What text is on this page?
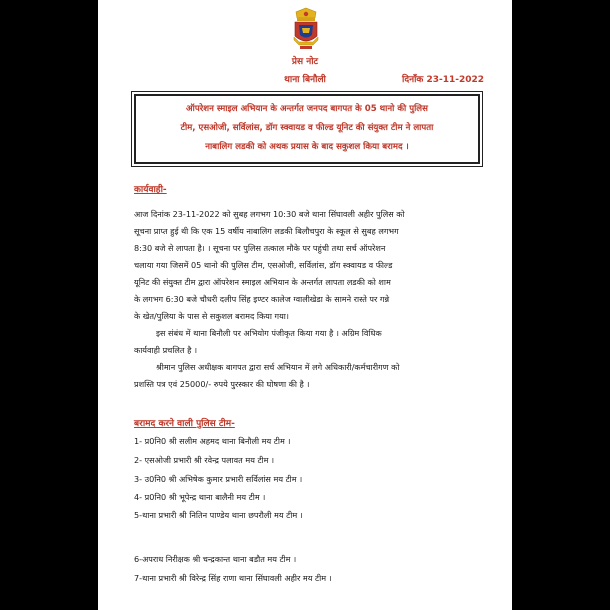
प्रेस नोट
थाना बिनौली	दिनाँक 23-11-2022
ऑपरेशन स्माइल अभियान के अन्तर्गत जनपद बागपत के 05 थानो की पुलिस
टीम, एसओजी, सर्विलांस, डॉग स्क्वायड व फील्ड यूनिट की संयुक्त टीम ने लापता
नाबालिग लडकी को अथक प्रयास के बाद सकुशल किया बरामद ।
कार्यवाही-
आज दिनांक 23-11-2022 को सुबह लगभग 10:30 बजे थाना सिंघावली अहीर पुलिस को
सूचना प्राप्त हुई थी कि एक 15 वर्षीय नाबालिग लडकी बिलौचपुरा के स्कूल से सुबह लगभग
8:30 बजे से लापता है। । सूचना पर पुलिस तत्काल मौके पर पहुंची तथा सर्च ऑपरेशन
चलाया गया जिसमें 05 थानो की पुलिस टीम, एसओजी, सर्विलांस, डॉग स्क्वायड व फील्ड
यूनिट की संयुक्त टीम द्वारा ऑपरेशन स्माइल अभियान के अन्तर्गत लापता लडकी को शाम
के लगभग 6:30 बजे चौधरी दलीप सिंह इण्टर कालेज ग्वालीखेडा के सामने रास्ते पर गन्ने
के खेत/पुलिया के पास से सकुशल बरामद किया गया।
इस संबंध में थाना बिनौली पर अभियोग पंजीकृत किया गया है । अग्रिम विधिक
कार्यवाही प्रचलित है ।
श्रीमान पुलिस अधीक्षक बागपत द्वारा सर्च अभियान में लगे अधिकारी/कर्मचारीगण को
प्रशस्ति पत्र एवं 25000/- रुपये पुरस्कार की घोषणा की है ।
बरामद करने वाली पुलिस टीम-
1- प्र0नि0 श्री सलीम अहमद थाना बिनौली मय टीम ।
2- एसओजी प्रभारी श्री रवेन्द्र पलावत मय टीम ।
3- उ0नि0 श्री अभिषेक कुमार प्रभारी सर्विलांस मय टीम ।
4- प्र0नि0 श्री भूपेन्द्र थाना बालैनी मय टीम ।
5-थाना प्रभारी श्री नितिन पाण्डेय थाना छपरौली मय टीम ।
6-अपराध निरीक्षक श्री चन्द्रकान्त थाना बडौत मय टीम ।
7-थाना प्रभारी श्री विरेन्द्र सिंह राणा थाना सिंघावली अहीर मय टीम ।
